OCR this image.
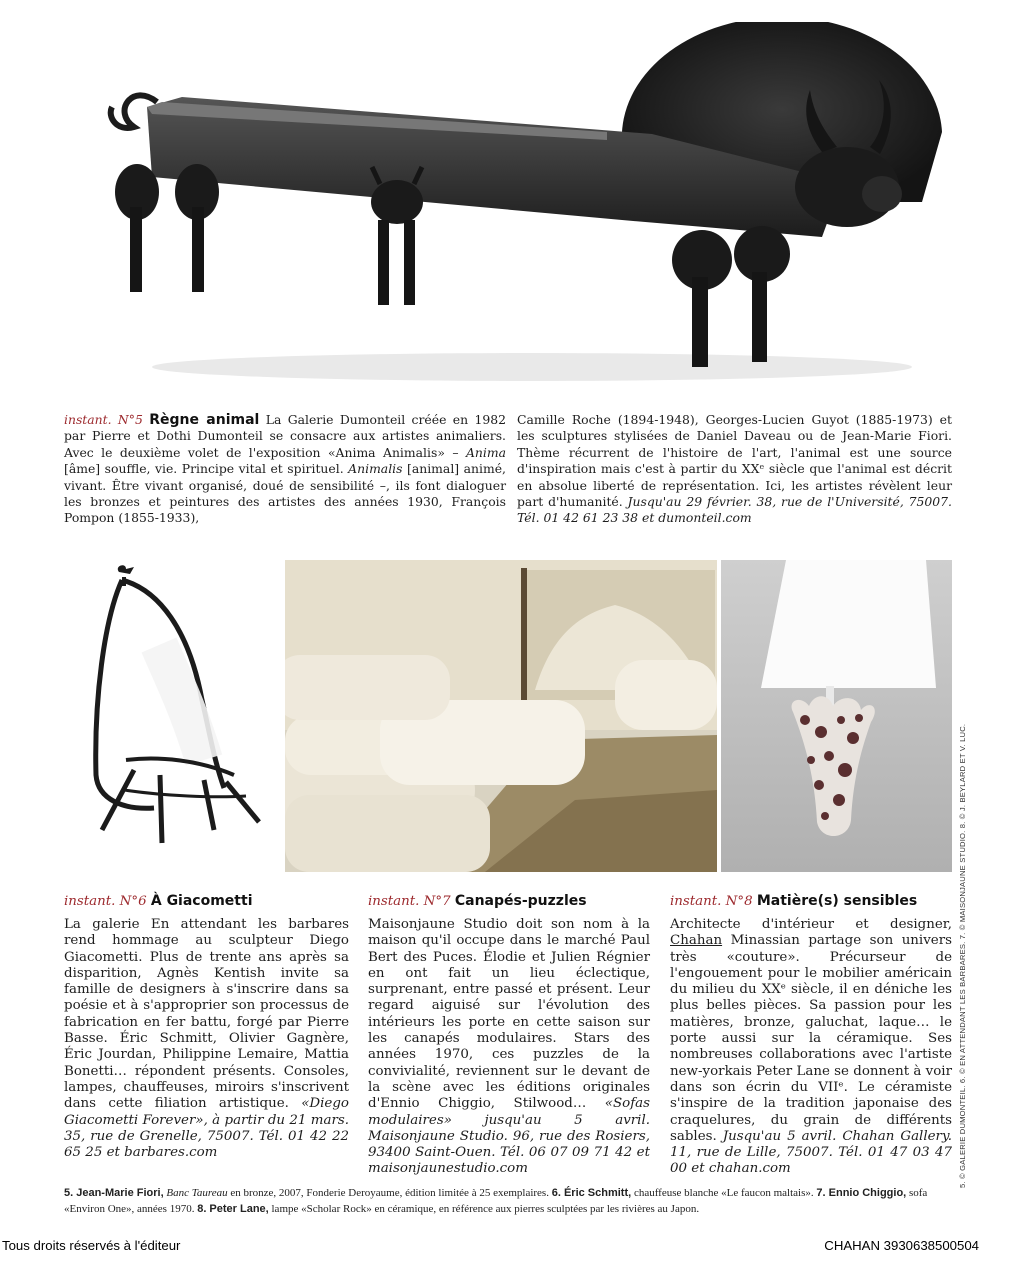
instant. N°5 Règne animal La Galerie Dumonteil créée en 1982 par Pierre et Dothi Dumonteil se consacre aux artistes animaliers. Avec le deuxième volet de l'exposition «Anima Animalis» – Anima [âme] souffle, vie. Principe vital et spirituel. Animalis [animal] animé, vivant. Être vivant organisé, doué de sensibilité –, ils font dialoguer les bronzes et peintures des artistes des années 1930, François Pompon (1855-1933),
Camille Roche (1894-1948), Georges-Lucien Guyot (1885-1973) et les sculptures stylisées de Daniel Daveau ou de Jean-Marie Fiori. Thème récurrent de l'histoire de l'art, l'animal est une source d'inspiration mais c'est à partir du XXᵉ siècle que l'animal est décrit en absolue liberté de représentation. Ici, les artistes révèlent leur part d'humanité. Jusqu'au 29 février. 38, rue de l'Université, 75007. Tél. 01 42 61 23 38 et dumonteil.com
instant. N°6 À Giacometti	instant. N°7 Canapés-puzzles	instant. N°8 Matière(s) sensibles
La galerie En attendant les barbares rend hommage au sculpteur Diego Giacometti. Plus de trente ans après sa disparition, Agnès Kentish invite sa famille de designers à s'inscrire dans sa poésie et à s'approprier son processus de fabrication en fer battu, forgé par Pierre Basse. Éric Schmitt, Olivier Gagnère, Éric Jourdan, Philippine Lemaire, Mattia Bonetti… répondent présents. Consoles, lampes, chauffeuses, miroirs s'inscrivent dans cette filiation artistique. «Diego Giacometti Forever», à partir du 21 mars. 35, rue de Grenelle, 75007. Tél. 01 42 22 65 25 et barbares.com
Maisonjaune Studio doit son nom à la maison qu'il occupe dans le marché Paul Bert des Puces. Élodie et Julien Régnier en ont fait un lieu éclectique, surprenant, entre passé et présent. Leur regard aiguisé sur l'évolution des intérieurs les porte en cette saison sur les canapés modulaires. Stars des années 1970, ces puzzles de la convivialité, reviennent sur le devant de la scène avec les éditions originales d'Ennio Chiggio, Stilwood… «Sofas modulaires» jusqu'au 5 avril. Maisonjaune Studio. 96, rue des Rosiers, 93400 Saint-Ouen. Tél. 06 07 09 71 42 et maisonjaunestudio.com
Architecte d'intérieur et designer, Chahan Minassian partage son univers très «couture». Précurseur de l'engouement pour le mobilier américain du milieu du XXᵉ siècle, il en déniche les plus belles pièces. Sa passion pour les matières, bronze, galuchat, laque… le porte aussi sur la céramique. Ses nombreuses collaborations avec l'artiste new-yorkais Peter Lane se donnent à voir dans son écrin du VIIᵉ. Le céramiste s'inspire de la tradition japonaise des craquelures, du grain de différents sables. Jusqu'au 5 avril. Chahan Gallery. 11, rue de Lille, 75007. Tél. 01 47 03 47 00 et chahan.com
5. Jean-Marie Fiori, Banc Taureau en bronze, 2007, Fonderie Deroyaume, édition limitée à 25 exemplaires. 6. Éric Schmitt, chauffeuse blanche «Le faucon maltais». 7. Ennio Chiggio, sofa «Environ One», années 1970. 8. Peter Lane, lampe «Scholar Rock» en céramique, en référence aux pierres sculptées par les rivières au Japon.
5. © GALERIE DUMONTEIL. 6. © EN ATTENDANT LES BARBARES. 7. © MAISONJAUNE STUDIO. 8. © J. BEYLARD ET V. LUC.
Tous droits réservés à l'éditeur	CHAHAN 3930638500504
